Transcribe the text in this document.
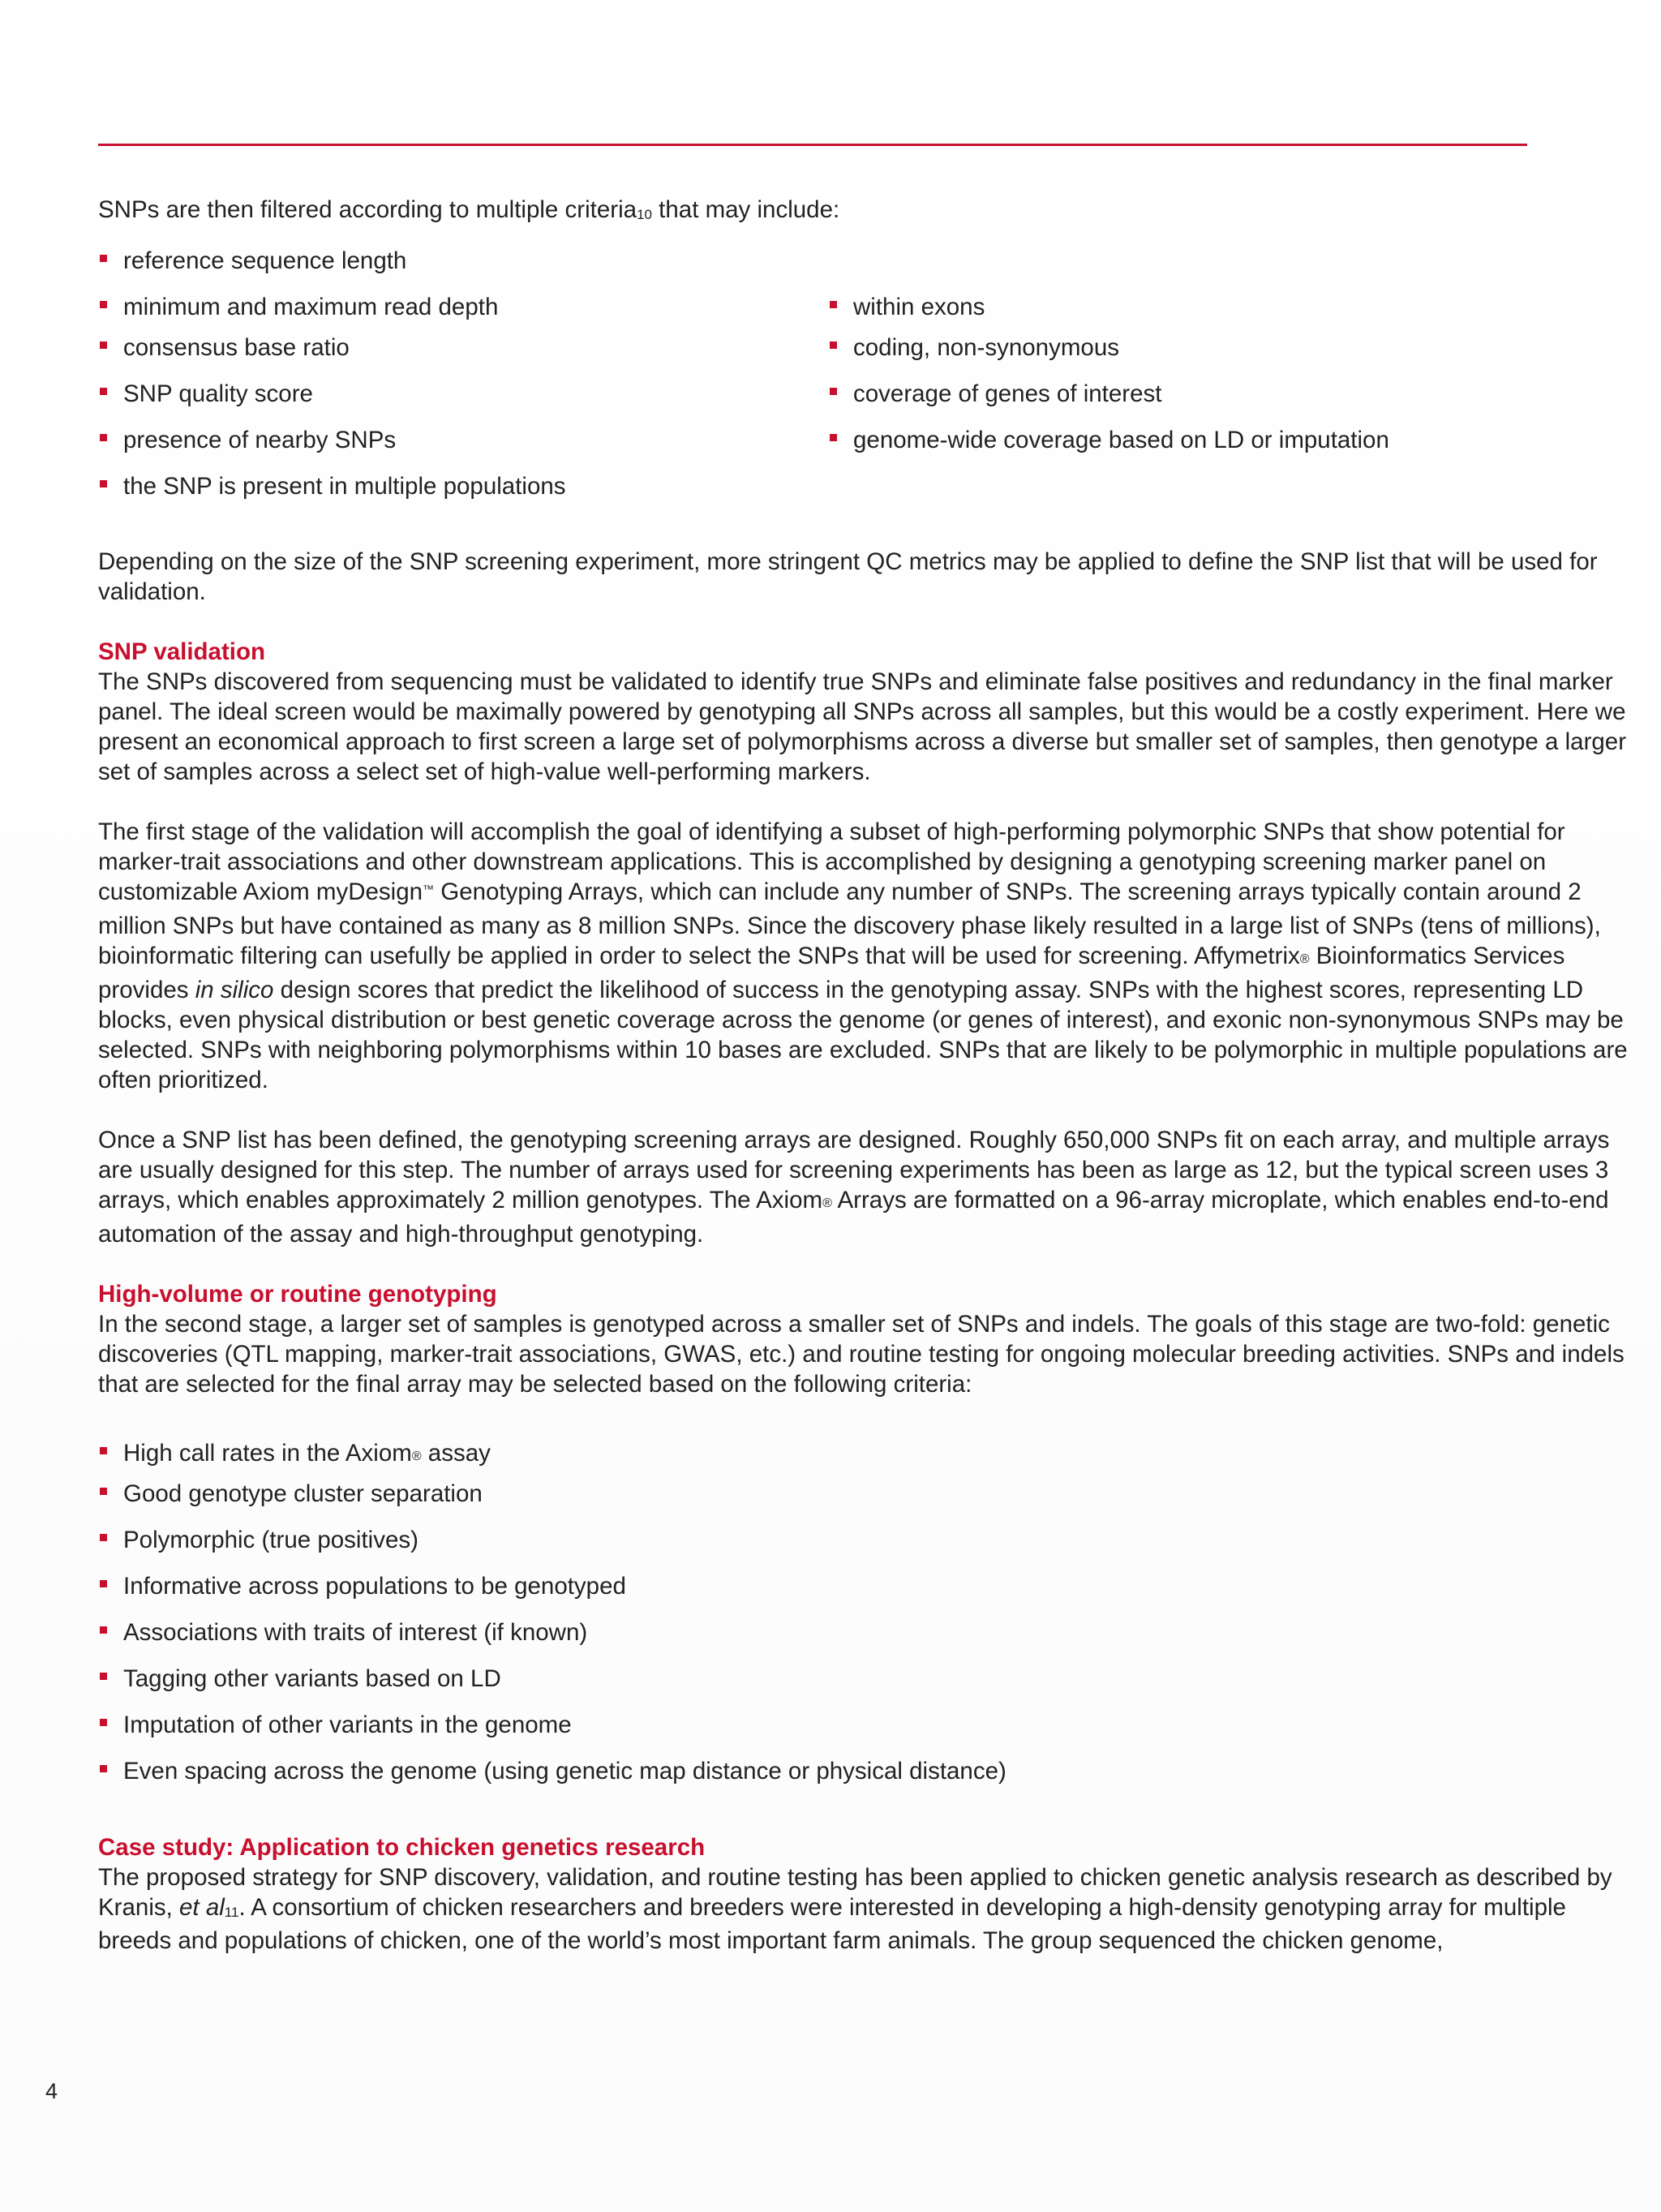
SNPs are then filtered according to multiple criteria10 that may include:

reference sequence length
minimum and maximum read depth
consensus base ratio
SNP quality score
presence of nearby SNPs
the SNP is present in multiple populations
within exons
coding, non-synonymous
coverage of genes of interest
genome-wide coverage based on LD or imputation

Depending on the size of the SNP screening experiment, more stringent QC metrics may be applied to define the SNP list that will be used for validation.

SNP validation

The SNPs discovered from sequencing must be validated to identify true SNPs and eliminate false positives and redundancy in the final marker panel. The ideal screen would be maximally powered by genotyping all SNPs across all samples, but this would be a costly experiment. Here we present an economical approach to first screen a large set of polymorphisms across a diverse but smaller set of samples, then genotype a larger set of samples across a select set of high-value well-performing markers.

The first stage of the validation will accomplish the goal of identifying a subset of high-performing polymorphic SNPs that show potential for marker-trait associations and other downstream applications. This is accomplished by designing a genotyping screening marker panel on customizable Axiom myDesign™ Genotyping Arrays, which can include any number of SNPs. The screening arrays typically contain around 2 million SNPs but have contained as many as 8 million SNPs. Since the discovery phase likely resulted in a large list of SNPs (tens of millions), bioinformatic filtering can usefully be applied in order to select the SNPs that will be used for screening. Affymetrix® Bioinformatics Services provides in silico design scores that predict the likelihood of success in the genotyping assay. SNPs with the highest scores, representing LD blocks, even physical distribution or best genetic coverage across the genome (or genes of interest), and exonic non-synonymous SNPs may be selected. SNPs with neighboring polymorphisms within 10 bases are excluded. SNPs that are likely to be polymorphic in multiple populations are often prioritized.

Once a SNP list has been defined, the genotyping screening arrays are designed. Roughly 650,000 SNPs fit on each array, and multiple arrays are usually designed for this step. The number of arrays used for screening experiments has been as large as 12, but the typical screen uses 3 arrays, which enables approximately 2 million genotypes. The Axiom® Arrays are formatted on a 96-array microplate, which enables end-to-end automation of the assay and high-throughput genotyping.

High-volume or routine genotyping

In the second stage, a larger set of samples is genotyped across a smaller set of SNPs and indels. The goals of this stage are two-fold: genetic discoveries (QTL mapping, marker-trait associations, GWAS, etc.) and routine testing for ongoing molecular breeding activities. SNPs and indels that are selected for the final array may be selected based on the following criteria:

High call rates in the Axiom® assay
Good genotype cluster separation
Polymorphic (true positives)
Informative across populations to be genotyped
Associations with traits of interest (if known)
Tagging other variants based on LD
Imputation of other variants in the genome
Even spacing across the genome (using genetic map distance or physical distance)
Case study: Application to chicken genetics research

The proposed strategy for SNP discovery, validation, and routine testing has been applied to chicken genetic analysis research as described by Kranis, et al11. A consortium of chicken researchers and breeders were interested in developing a high-density genotyping array for multiple breeds and populations of chicken, one of the world’s most important farm animals. The group sequenced the chicken genome,

4
